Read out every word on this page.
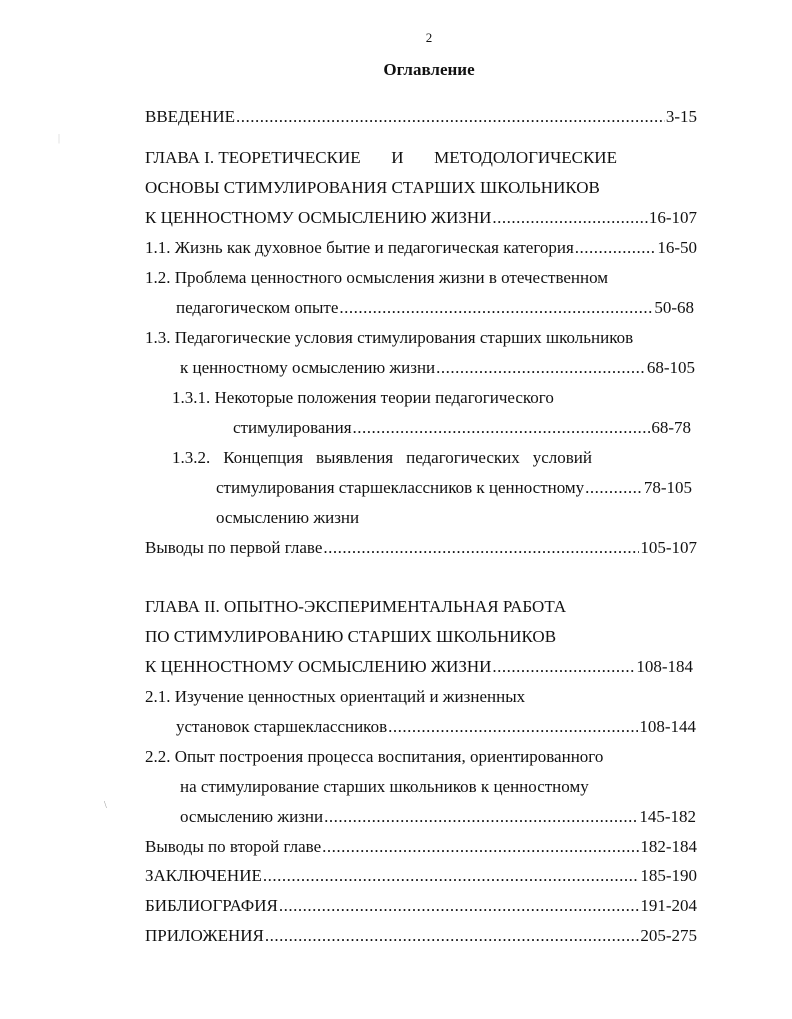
2
Оглавление
ВВЕДЕНИЕ .....	3-15
ГЛАВА I. ТЕОРЕТИЧЕСКИЕ И МЕТОДОЛОГИЧЕСКИЕ
ОСНОВЫ СТИМУЛИРОВАНИЯ СТАРШИХ ШКОЛЬНИКОВ
К ЦЕННОСТНОМУ ОСМЫСЛЕНИЮ ЖИЗНИ .....	16-107
1.1. Жизнь как духовное бытие и педагогическая категория .....	16-50
1.2. Проблема ценностного осмысления жизни в отечественном
педагогическом опыте .....	50-68
1.3. Педагогические условия стимулирования старших школьников
к ценностному осмыслению жизни .....	68-105
1.3.1. Некоторые положения теории педагогического
стимулирования .....	68-78
1.3.2. Концепция выявления педагогических условий
стимулирования старшеклассников к ценностному .....	78-105
осмыслению жизни
Выводы по первой главе .....	105-107
ГЛАВА II. ОПЫТНО-ЭКСПЕРИМЕНТАЛЬНАЯ РАБОТА
ПО СТИМУЛИРОВАНИЮ СТАРШИХ ШКОЛЬНИКОВ
К ЦЕННОСТНОМУ ОСМЫСЛЕНИЮ ЖИЗНИ .....	108-184
2.1. Изучение ценностных ориентаций и жизненных
установок старшеклассников .....	108-144
2.2. Опыт построения процесса воспитания, ориентированного
на стимулирование старших школьников к ценностному
осмыслению жизни .....	145-182
Выводы по второй главе .....	182-184
ЗАКЛЮЧЕНИЕ .....	185-190
БИБЛИОГРАФИЯ .....	191-204
ПРИЛОЖЕНИЯ .....	205-275
\
|
